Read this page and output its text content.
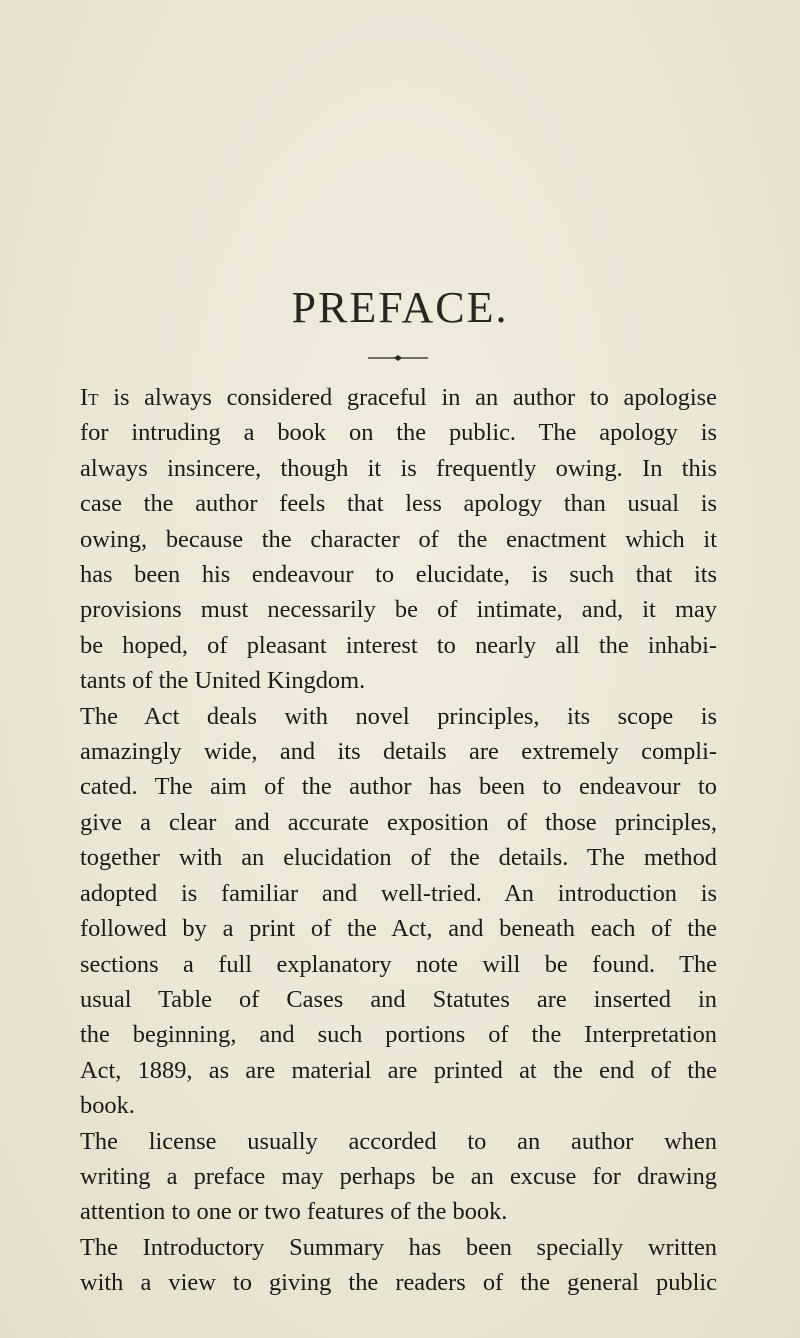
PREFACE.

It is always considered graceful in an author to apologise
for intruding a book on the public. The apology is
always insincere, though it is frequently owing. In this
case the author feels that less apology than usual is
owing, because the character of the enactment which it
has been his endeavour to elucidate, is such that its
provisions must necessarily be of intimate, and, it may
be hoped, of pleasant interest to nearly all the inhabi-
tants of the United Kingdom.

The Act deals with novel principles, its scope is
amazingly wide, and its details are extremely compli-
cated. The aim of the author has been to endeavour to
give a clear and accurate exposition of those principles,
together with an elucidation of the details. The method
adopted is familiar and well-tried. An introduction is
followed by a print of the Act, and beneath each of the
sections a full explanatory note will be found. The
usual Table of Cases and Statutes are inserted in
the beginning, and such portions of the Interpretation
Act, 1889, as are material are printed at the end of the
book.

The license usually accorded to an author when
writing a preface may perhaps be an excuse for drawing
attention to one or two features of the book.

The Introductory Summary has been specially written
with a view to giving the readers of the general public
